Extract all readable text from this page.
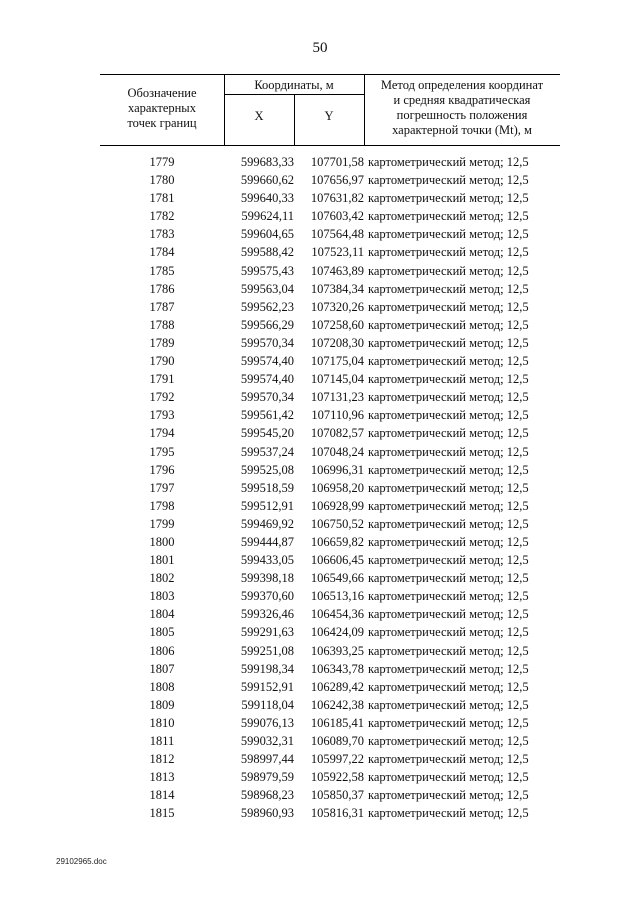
50
Обозначение
характерных
точек границ
Координаты, м
X	Y
Метод определения координат
и средняя квадратическая
погрешность положения
характерной точки (Mt), м
1779	599683,33	107701,58 картометрический метод; 12,5
1780	599660,62	107656,97 картометрический метод; 12,5
1781	599640,33	107631,82 картометрический метод; 12,5
1782	599624,11	107603,42 картометрический метод; 12,5
1783	599604,65	107564,48 картометрический метод; 12,5
1784	599588,42	107523,11 картометрический метод; 12,5
1785	599575,43	107463,89 картометрический метод; 12,5
1786	599563,04	107384,34 картометрический метод; 12,5
1787	599562,23	107320,26 картометрический метод; 12,5
1788	599566,29	107258,60 картометрический метод; 12,5
1789	599570,34	107208,30 картометрический метод; 12,5
1790	599574,40	107175,04 картометрический метод; 12,5
1791	599574,40	107145,04 картометрический метод; 12,5
1792	599570,34	107131,23 картометрический метод; 12,5
1793	599561,42	107110,96 картометрический метод; 12,5
1794	599545,20	107082,57 картометрический метод; 12,5
1795	599537,24	107048,24 картометрический метод; 12,5
1796	599525,08	106996,31 картометрический метод; 12,5
1797	599518,59	106958,20 картометрический метод; 12,5
1798	599512,91	106928,99 картометрический метод; 12,5
1799	599469,92	106750,52 картометрический метод; 12,5
1800	599444,87	106659,82 картометрический метод; 12,5
1801	599433,05	106606,45 картометрический метод; 12,5
1802	599398,18	106549,66 картометрический метод; 12,5
1803	599370,60	106513,16 картометрический метод; 12,5
1804	599326,46	106454,36 картометрический метод; 12,5
1805	599291,63	106424,09 картометрический метод; 12,5
1806	599251,08	106393,25 картометрический метод; 12,5
1807	599198,34	106343,78 картометрический метод; 12,5
1808	599152,91	106289,42 картометрический метод; 12,5
1809	599118,04	106242,38 картометрический метод; 12,5
1810	599076,13	106185,41 картометрический метод; 12,5
1811	599032,31	106089,70 картометрический метод; 12,5
1812	598997,44	105997,22 картометрический метод; 12,5
1813	598979,59	105922,58 картометрический метод; 12,5
1814	598968,23	105850,37 картометрический метод; 12,5
1815	598960,93	105816,31 картометрический метод; 12,5
29102965.doc
